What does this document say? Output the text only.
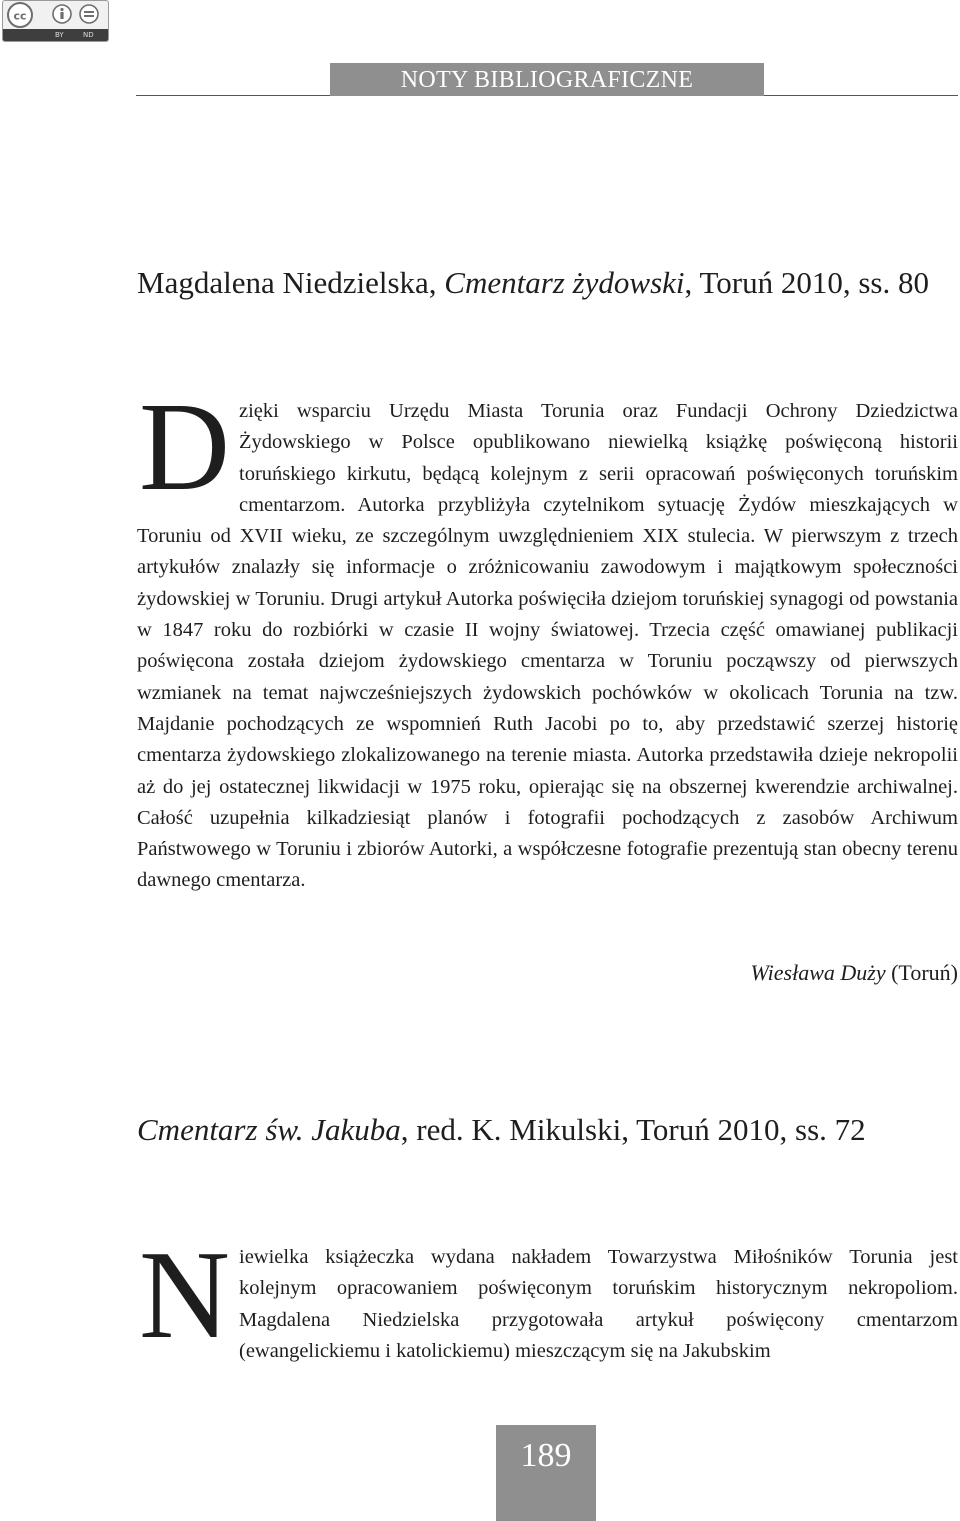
cc
BY	ND
NOTY BIBLIOGRAFICZNE
Magdalena Niedzielska, Cmentarz żydowski, Toruń 2010, ss. 80

Dzięki wsparciu Urzędu Miasta Torunia oraz Fundacji Ochrony Dziedzictwa Żydowskiego w Polsce opublikowano niewielką książkę poświęconą historii toruńskiego kirkutu, będącą kolejnym z serii opracowań poświęconych toruńskim cmentarzom. Autorka przybliżyła czytelnikom sytuację Żydów mieszkających w Toruniu od XVII wieku, ze szczególnym uwzględnieniem XIX stulecia. W pierwszym z trzech artykułów znalazły się informacje o zróżnicowaniu zawodowym i majątkowym społeczności żydowskiej w Toruniu. Drugi artykuł Autorka poświęciła dziejom toruńskiej synagogi od powstania w 1847 roku do rozbiórki w czasie II wojny światowej. Trzecia część omawianej publikacji poświęcona została dziejom żydowskiego cmentarza w Toruniu począwszy od pierwszych wzmianek na temat najwcześniejszych żydowskich pochówków w okolicach Torunia na tzw. Majdanie pochodzących ze wspomnień Ruth Jacobi po to, aby przedstawić szerzej historię cmentarza żydowskiego zlokalizowanego na terenie miasta. Autorka przedstawiła dzieje nekropolii aż do jej ostatecznej likwidacji w 1975 roku, opierając się na obszernej kwerendzie archiwalnej. Całość uzupełnia kilkadziesiąt planów i fotografii pochodzących z zasobów Archiwum Państwowego w Toruniu i zbiorów Autorki, a współczesne fotografie prezentują stan obecny terenu dawnego cmentarza.

Wiesława Duży (Toruń)

Cmentarz św. Jakuba, red. K. Mikulski, Toruń 2010, ss. 72

Niewielka książeczka wydana nakładem Towarzystwa Miłośników Torunia jest kolejnym opracowaniem poświęconym toruńskim historycznym nekropoliom. Magdalena Niedzielska przygotowała artykuł poświęcony cmentarzom (ewangelickiemu i katolickiemu) mieszczącym się na Jakubskim

189
